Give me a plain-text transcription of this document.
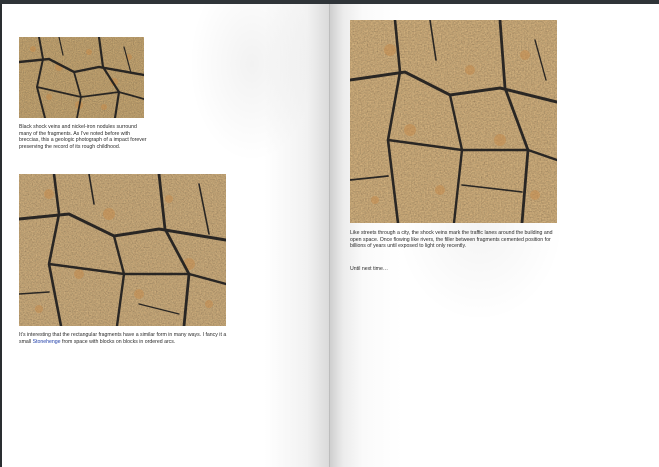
Black shock veins and nickel-iron nodules surround many of the fragments. As I’ve noted before with breccias, this a geologic photograph of a impact forever preserving the record of its rough childhood.

It’s interesting that the rectangular fragments have a similar form in many ways. I fancy it a small Stonehenge from space with blocks on blocks in ordered arcs.

Like streets through a city, the shock veins mark the traffic lanes around the building and open space. Once flowing like rivers, the filler between fragments cemented position for billions of years until exposed to light only recently.

Until next time…
